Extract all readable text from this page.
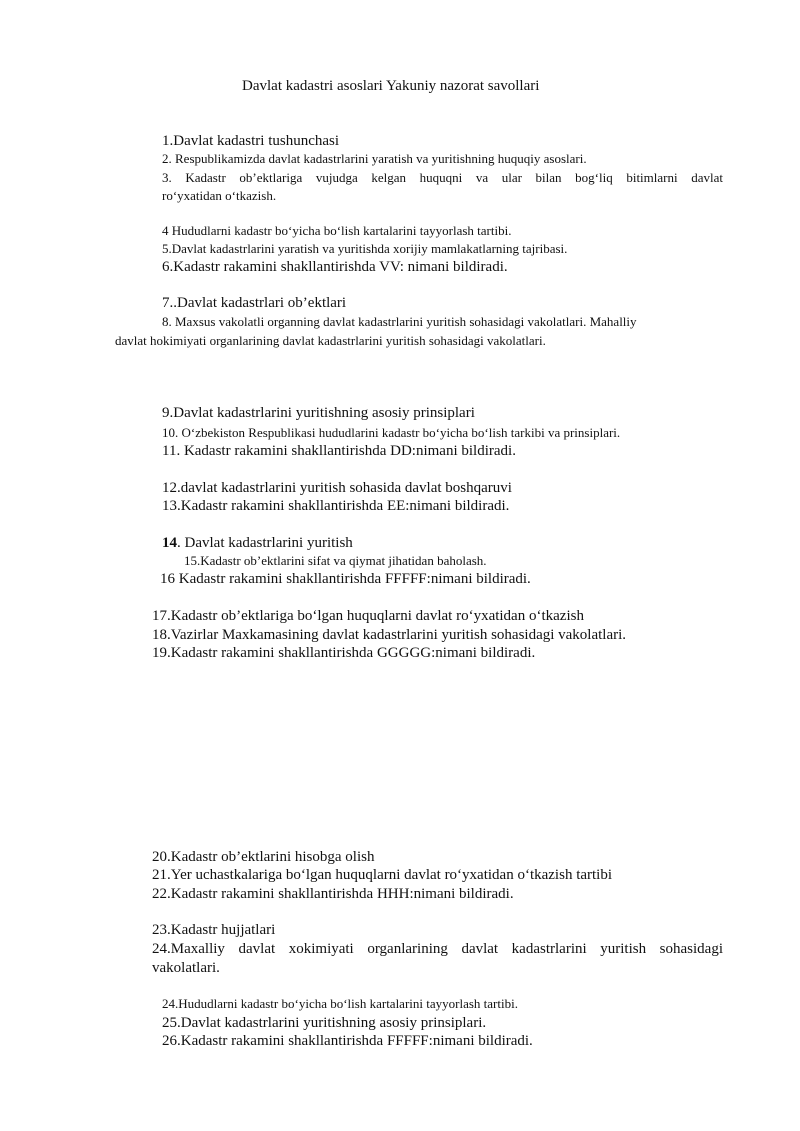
Davlat kadastri asoslari Yakuniy nazorat savollari
1.Davlat kadastri tushunchasi
2. Respublikamizda davlat kadastrlarini yaratish va yuritishning huquqiy asoslari.
3. Kadastr ob’ektlariga vujudga kelgan huquqni va ular bilan bog‘liq bitimlarni davlat
ro‘yxatidan o‘tkazish.
4 Hududlarni kadastr bo‘yicha bo‘lish kartalarini tayyorlash tartibi.
5.Davlat kadastrlarini yaratish va yuritishda xorijiy mamlakatlarning tajribasi.
6.Kadastr rakamini shakllantirishda VV: nimani bildiradi.
7..Davlat kadastrlari ob’ektlari
8. Maxsus vakolatli organning davlat kadastrlarini yuritish sohasidagi vakolatlari. Mahalliy
davlat hokimiyati organlarining davlat kadastrlarini yuritish sohasidagi vakolatlari.
9.Davlat kadastrlarini yuritishning asosiy prinsiplari
10. O‘zbekiston Respublikasi hududlarini kadastr bo‘yicha bo‘lish tarkibi va prinsiplari.
11. Kadastr rakamini shakllantirishda DD:nimani bildiradi.
12.davlat kadastrlarini yuritish sohasida davlat boshqaruvi
13.Kadastr rakamini shakllantirishda EE:nimani bildiradi.
14. Davlat kadastrlarini yuritish
15.Kadastr ob’ektlarini sifat va qiymat jihatidan baholash.
16 Kadastr rakamini shakllantirishda FFFFF:nimani bildiradi.
17.Kadastr ob’ektlariga bo‘lgan huquqlarni davlat ro‘yxatidan o‘tkazish
18.Vazirlar Maxkamasining davlat kadastrlarini yuritish sohasidagi vakolatlari.
19.Kadastr rakamini shakllantirishda GGGGG:nimani bildiradi.
20.Kadastr ob’ektlarini hisobga olish
21.Yer uchastkalariga bo‘lgan huquqlarni davlat ro‘yxatidan o‘tkazish tartibi
22.Kadastr rakamini shakllantirishda HHH:nimani bildiradi.
23.Kadastr hujjatlari
24.Maxalliy davlat xokimiyati organlarining davlat kadastrlarini yuritish sohasidagi
vakolatlari.
24.Hududlarni kadastr bo‘yicha bo‘lish kartalarini tayyorlash tartibi.
25.Davlat kadastrlarini yuritishning asosiy prinsiplari.
26.Kadastr rakamini shakllantirishda FFFFF:nimani bildiradi.
